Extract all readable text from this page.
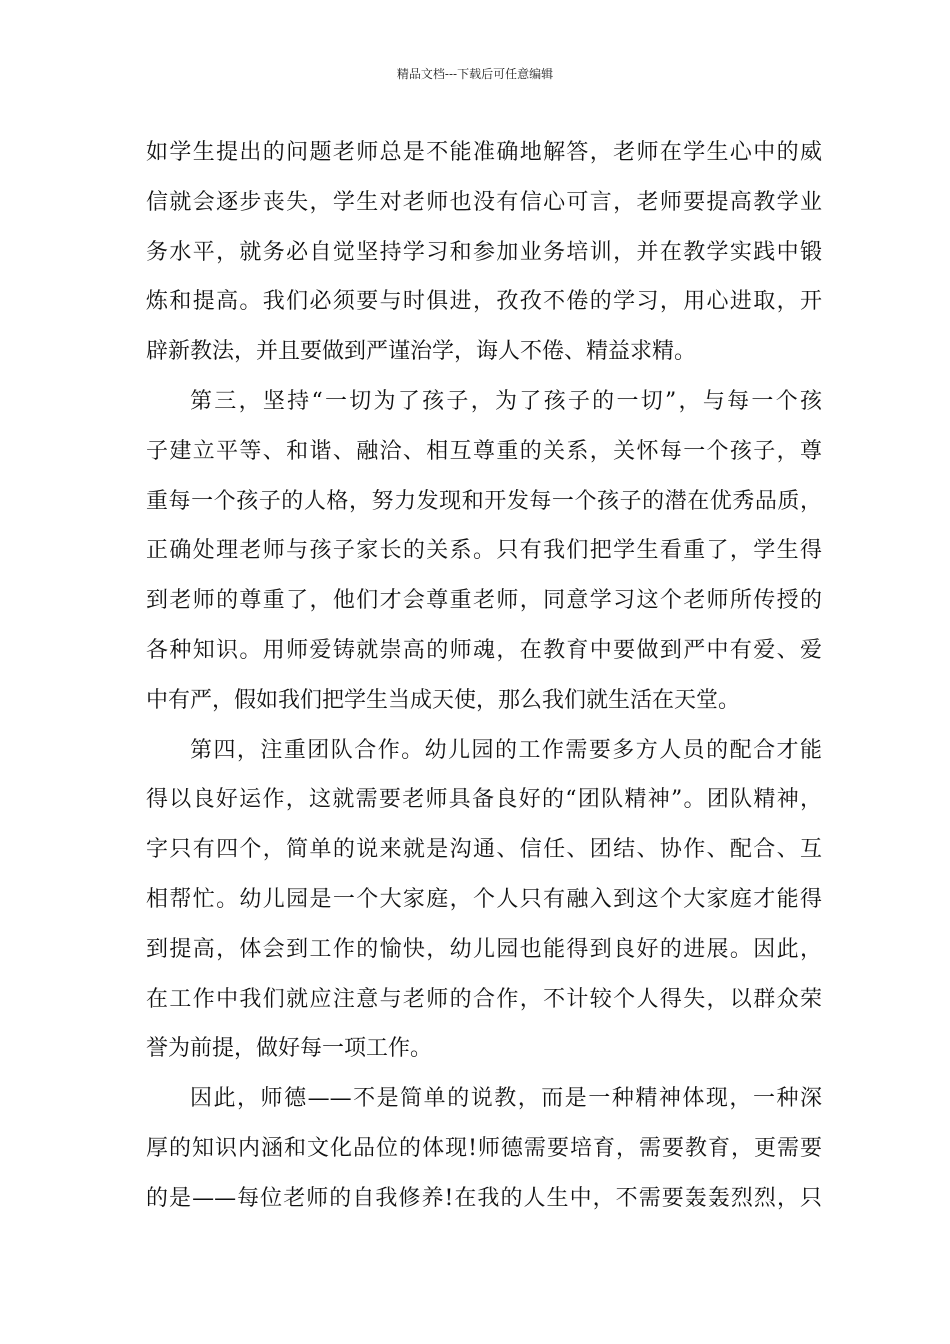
精品文档---下载后可任意编辑
如学生提出的问题老师总是不能准确地解答，老师在学生心中的威
信就会逐步丧失，学生对老师也没有信心可言，老师要提高教学业
务水平，就务必自觉坚持学习和参加业务培训，并在教学实践中锻
炼和提高。我们必须要与时俱进，孜孜不倦的学习，用心进取，开
辟新教法，并且要做到严谨治学，诲人不倦、精益求精。
第三，坚持“一切为了孩子，为了孩子的一切”，与每一个孩
子建立平等、和谐、融洽、相互尊重的关系，关怀每一个孩子，尊
重每一个孩子的人格，努力发现和开发每一个孩子的潜在优秀品质，
正确处理老师与孩子家长的关系。只有我们把学生看重了，学生得
到老师的尊重了，他们才会尊重老师，同意学习这个老师所传授的
各种知识。用师爱铸就崇高的师魂，在教育中要做到严中有爱、爱
中有严，假如我们把学生当成天使，那么我们就生活在天堂。
第四，注重团队合作。幼儿园的工作需要多方人员的配合才能
得以良好运作，这就需要老师具备良好的“团队精神”。团队精神，
字只有四个，简单的说来就是沟通、信任、团结、协作、配合、互
相帮忙。幼儿园是一个大家庭，个人只有融入到这个大家庭才能得
到提高，体会到工作的愉快，幼儿园也能得到良好的进展。因此，
在工作中我们就应注意与老师的合作，不计较个人得失，以群众荣
誉为前提，做好每一项工作。
因此，师德——不是简单的说教，而是一种精神体现，一种深
厚的知识内涵和文化品位的体现!师德需要培育，需要教育，更需要
的是——每位老师的自我修养!在我的人生中，不需要轰轰烈烈，只
